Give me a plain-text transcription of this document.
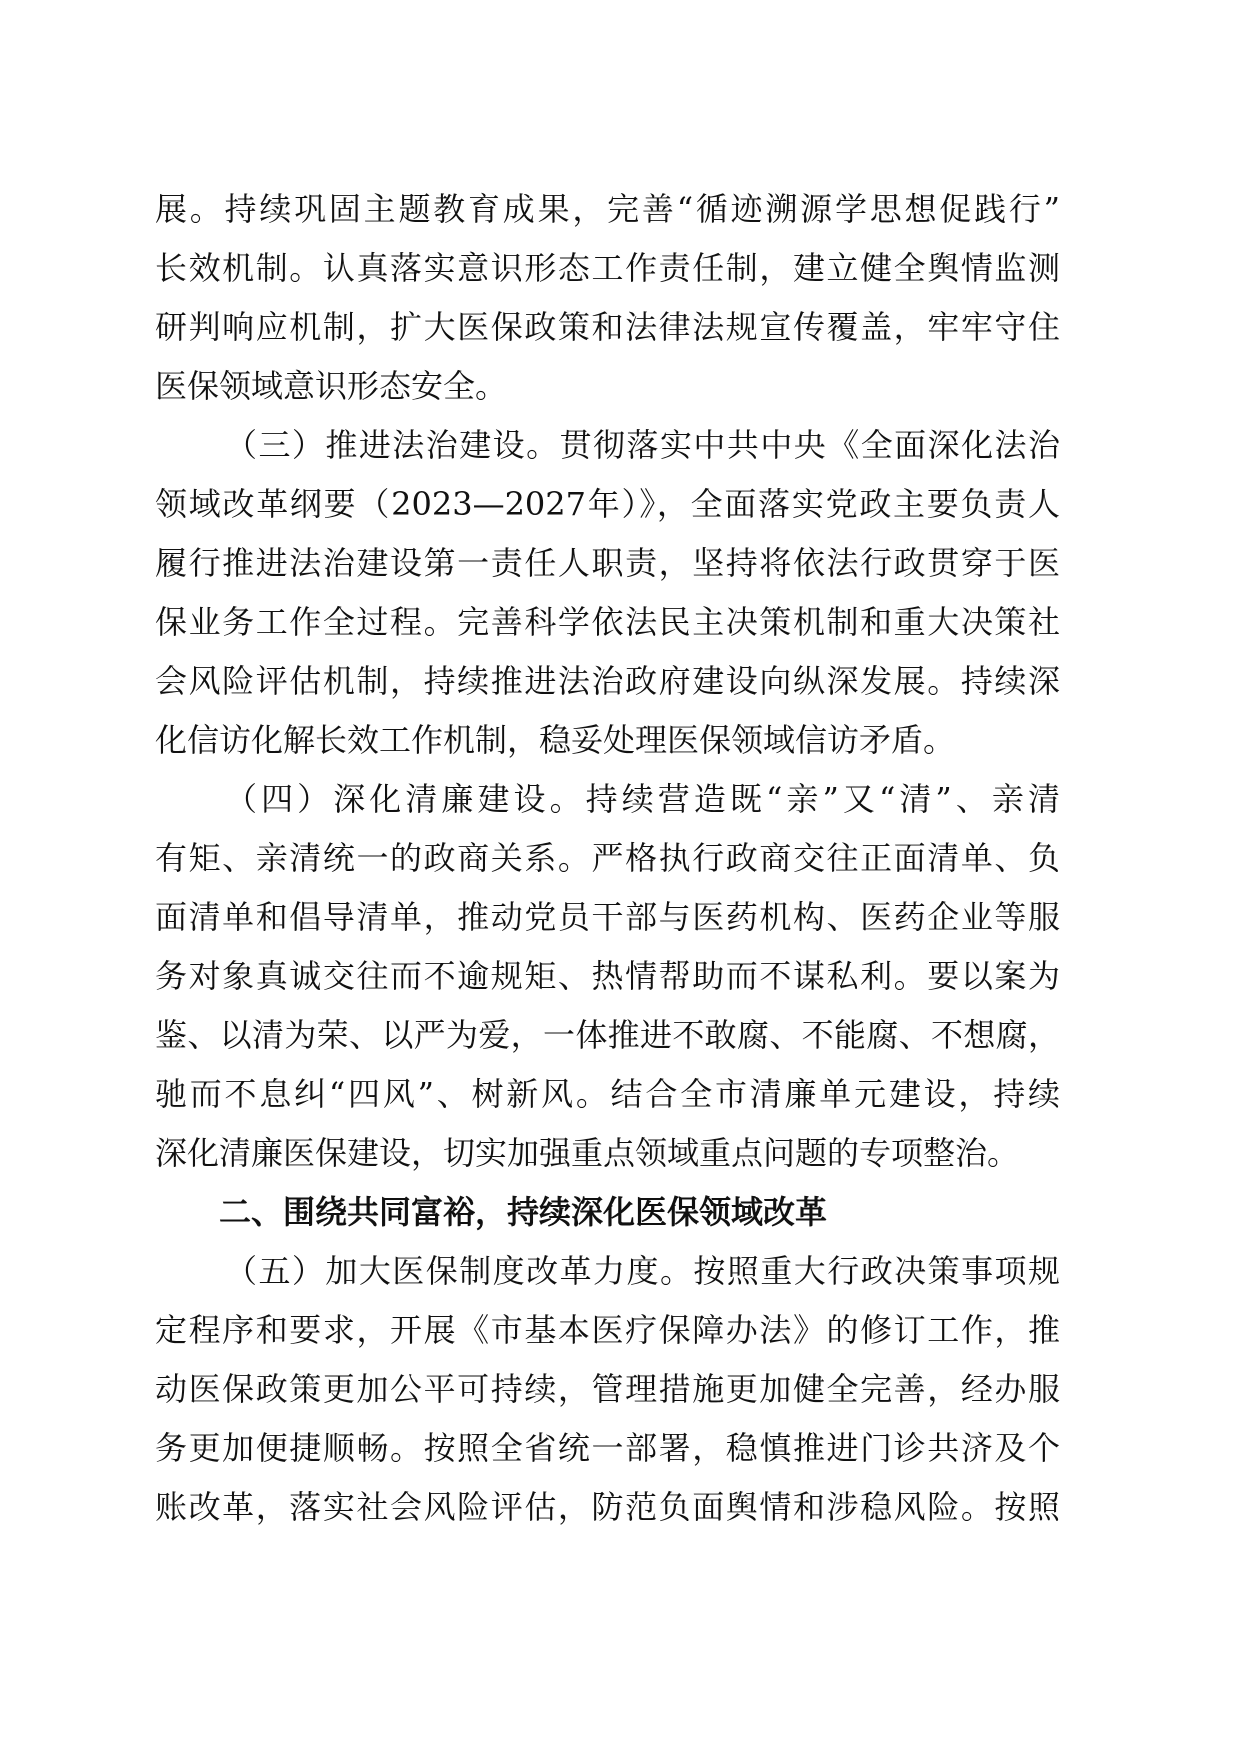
展。持续巩固主题教育成果，完善“循迹溯源学思想促践行”
长效机制。认真落实意识形态工作责任制，建立健全舆情监测
研判响应机制，扩大医保政策和法律法规宣传覆盖，牢牢守住
医保领域意识形态安全。
（三）推进法治建设。贯彻落实中共中央《全面深化法治
领域改革纲要（2023—2027年）》，全面落实党政主要负责人
履行推进法治建设第一责任人职责，坚持将依法行政贯穿于医
保业务工作全过程。完善科学依法民主决策机制和重大决策社
会风险评估机制，持续推进法治政府建设向纵深发展。持续深
化信访化解长效工作机制，稳妥处理医保领域信访矛盾。
（四）深化清廉建设。持续营造既“亲”又“清”、亲清
有矩、亲清统一的政商关系。严格执行政商交往正面清单、负
面清单和倡导清单，推动党员干部与医药机构、医药企业等服
务对象真诚交往而不逾规矩、热情帮助而不谋私利。要以案为
鉴、以清为荣、以严为爱，一体推进不敢腐、不能腐、不想腐，
驰而不息纠“四风”、树新风。结合全市清廉单元建设，持续
深化清廉医保建设，切实加强重点领域重点问题的专项整治。
二、围绕共同富裕，持续深化医保领域改革
（五）加大医保制度改革力度。按照重大行政决策事项规
定程序和要求，开展《市基本医疗保障办法》的修订工作，推
动医保政策更加公平可持续，管理措施更加健全完善，经办服
务更加便捷顺畅。按照全省统一部署，稳慎推进门诊共济及个
账改革，落实社会风险评估，防范负面舆情和涉稳风险。按照
